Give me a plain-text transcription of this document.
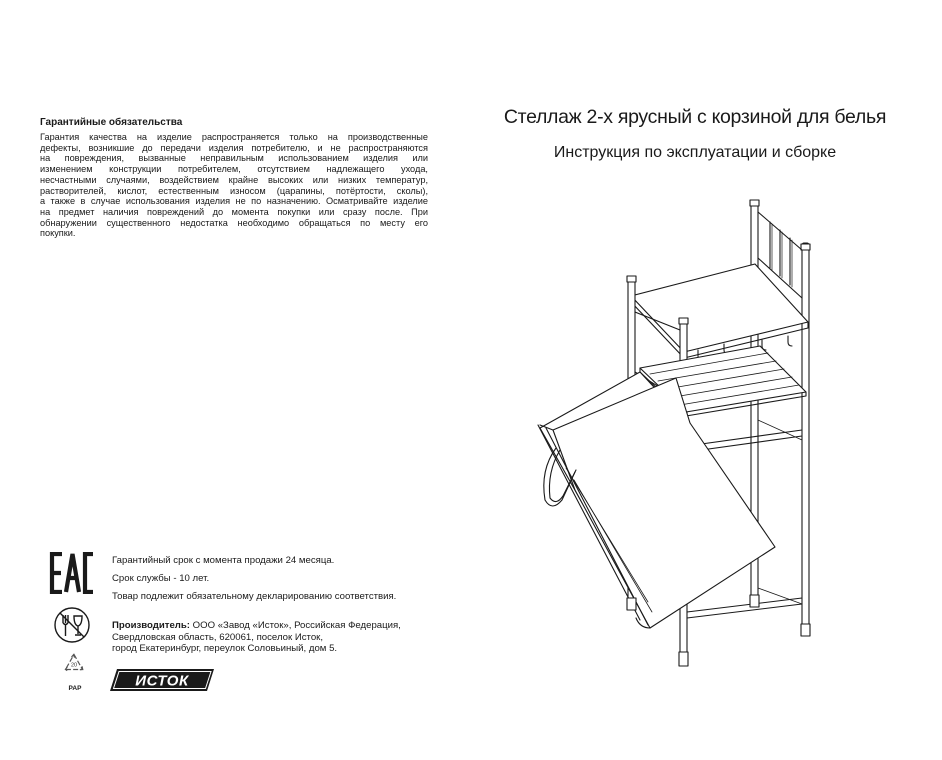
Гарантийные обязательства
Гарантия качества на изделие распространяется только на производственные
дефекты, возникшие до передачи изделия потребителю, и не распространяются
на повреждения, вызванные неправильным использованием изделия или
изменением конструкции потребителем, отсутствием надлежащего ухода,
несчастными случаями, воздействием крайне высоких или низких температур,
растворителей, кислот, естественным износом (царапины, потёртости, сколы),
а также в случае использования изделия не по назначению. Осматривайте изделие
на предмет наличия повреждений до момента покупки или сразу после. При
обнаружении существенного недостатка необходимо обращаться по месту его
покупки.
Гарантийный срок с момента продажи 24 месяца.
Срок службы - 10 лет.
Товар подлежит обязательному декларированию соответствия.
Производитель: ООО «Завод «Исток», Российская Федерация,
Свердловская область, 620061, поселок Исток,
город Екатеринбург, переулок Соловьиный, дом 5.
20
PAP	ИСТОК
Стеллаж 2-х ярусный с корзиной для белья
Инструкция по эксплуатации и сборке
